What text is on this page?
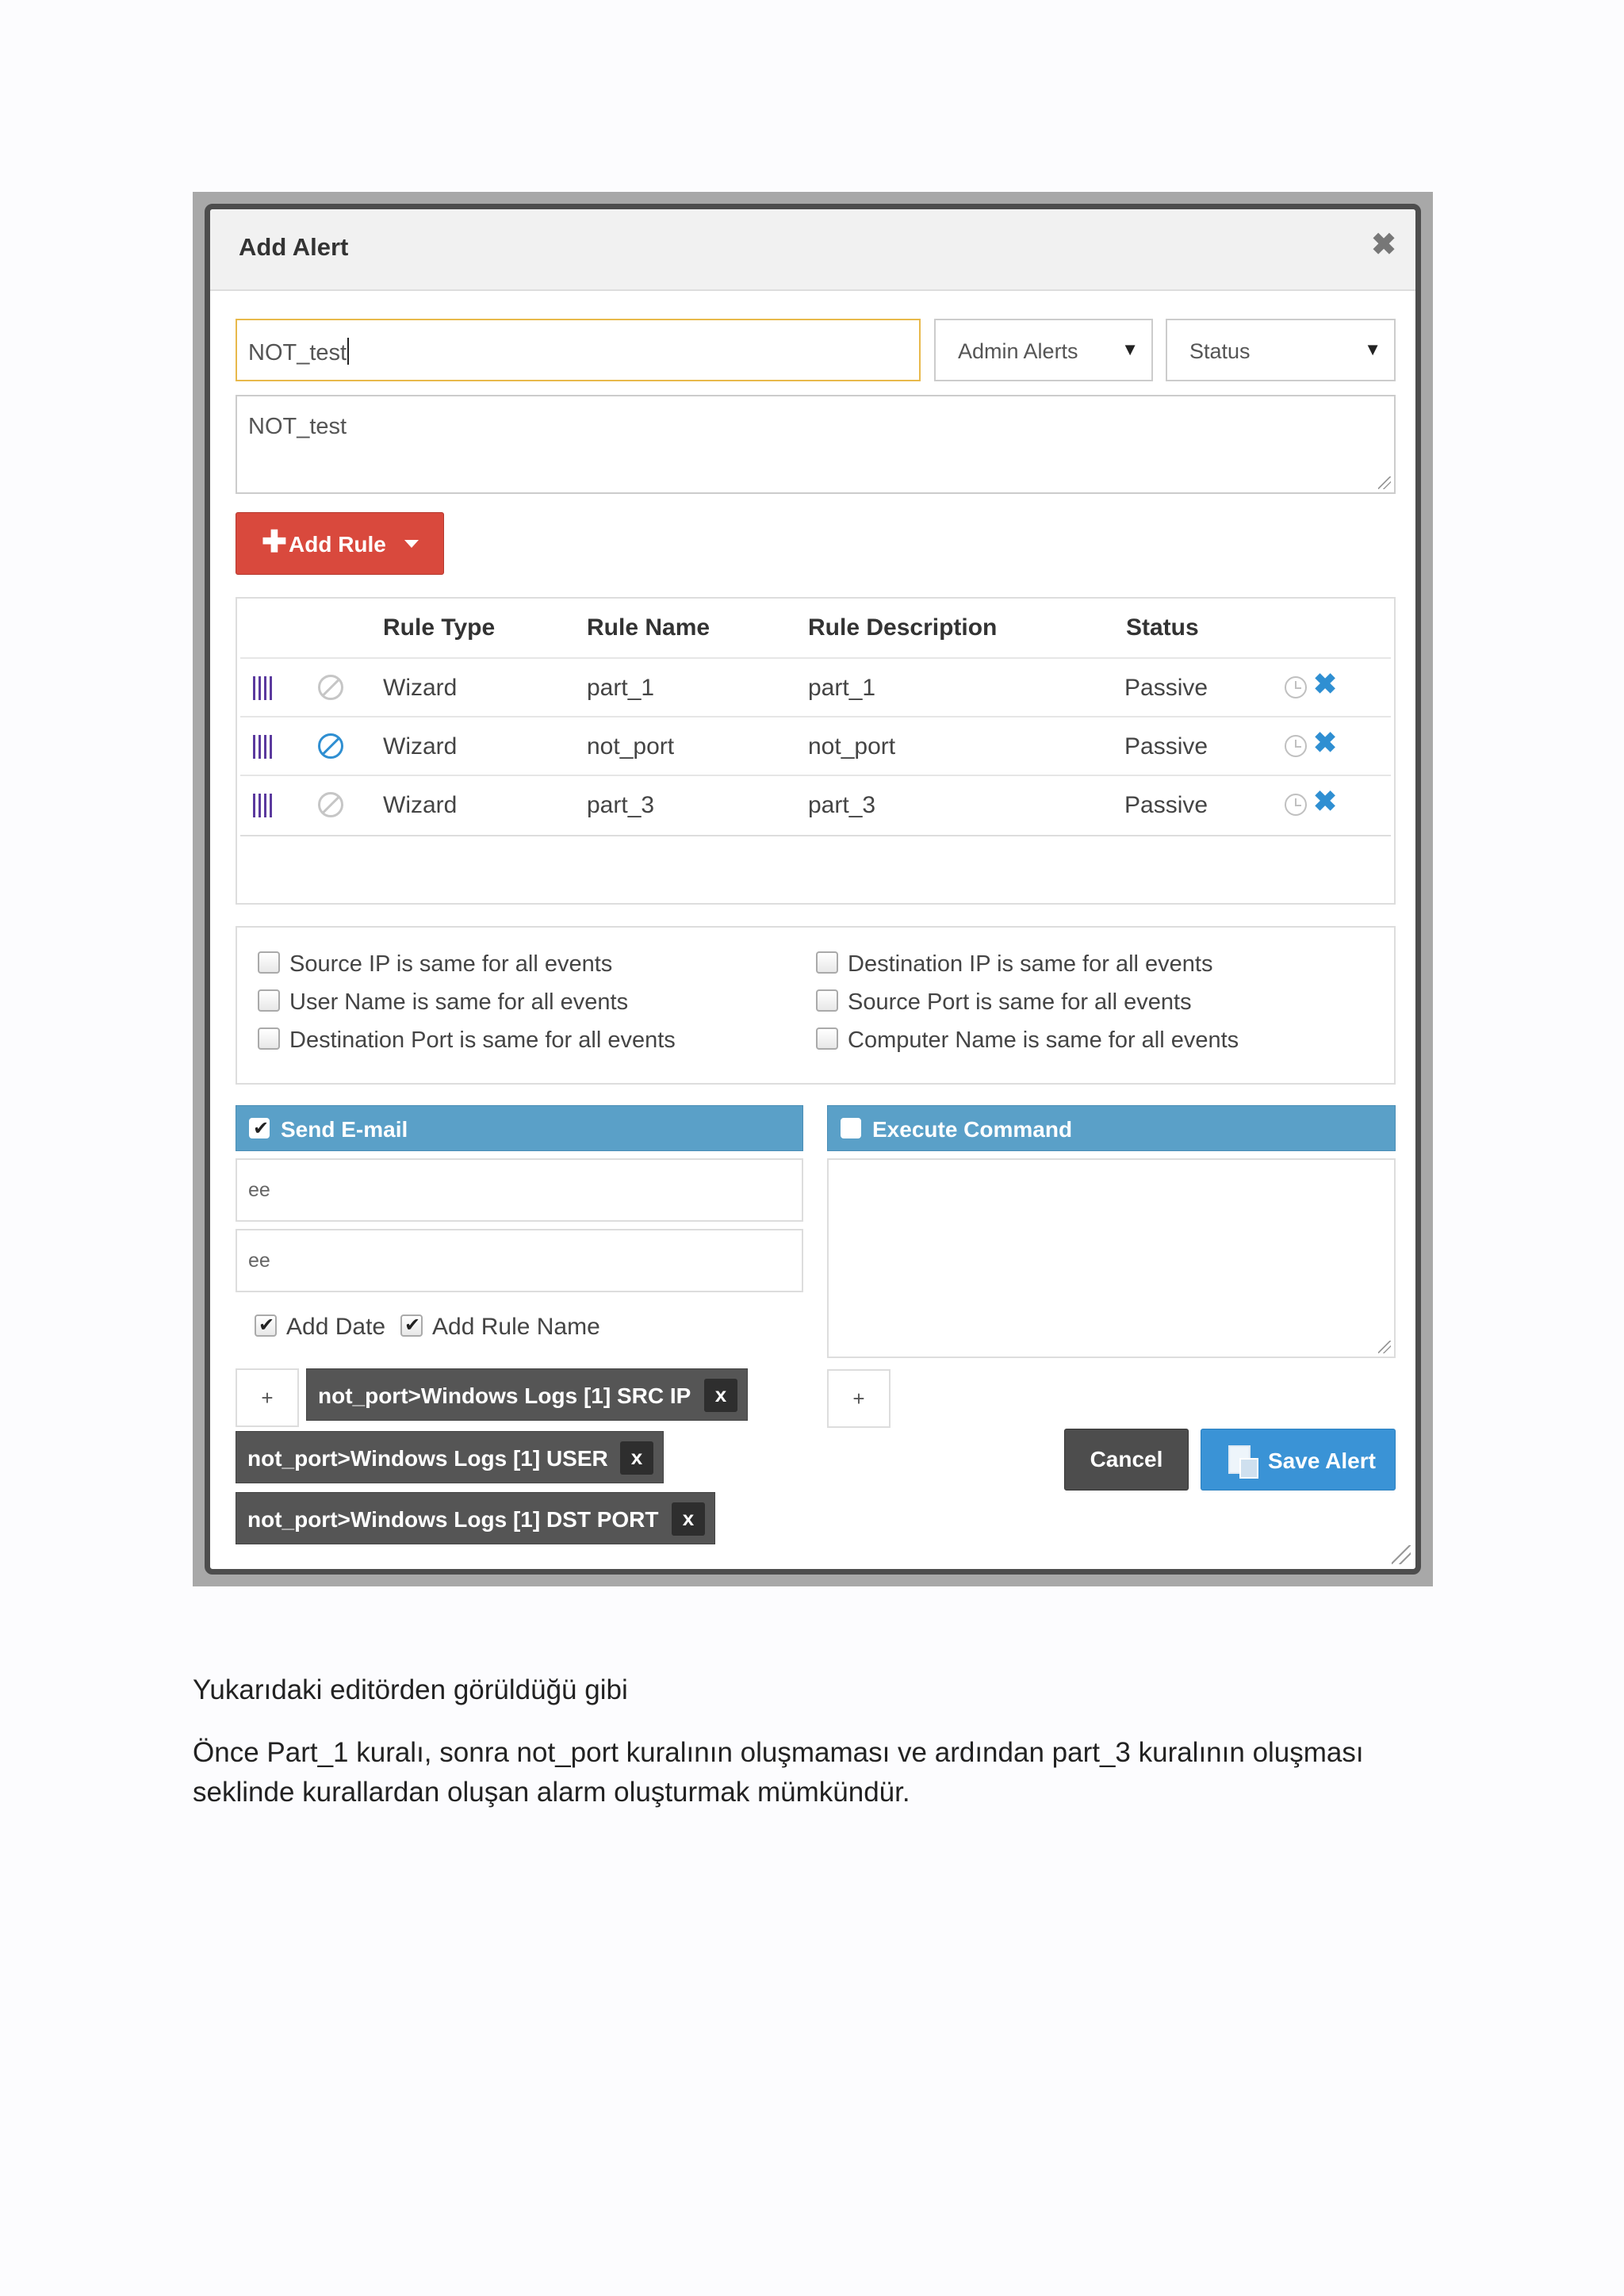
Add Alert	✖
NOT_test	Admin Alerts ▼ Status	▼
NOT_test
✚ Add Rule
Rule Type	Rule Name	Rule Description	Status
Wizard	part_1	part_1	Passive	✖
Wizard	not_port	not_port	Passive	✖
Wizard	part_3	part_3	Passive	✖
Source IP is same for all events
User Name is same for all events
Destination Port is same for all events
Destination IP is same for all events
Source Port is same for all events
Computer Name is same for all events
✔
Send E-mail
ee
ee
✔Add Date
✔	Add Rule Name
+	not_port>Windows Logs [1] SRC IP	x
not_port>Windows Logs [1] USER	x
not_port>Windows Logs [1] DST PORT	x
Execute Command
+
Cancel	Save Alert
Yukarıdaki editörden görüldüğü gibi
Önce Part_1 kuralı, sonra not_port kuralının oluşmaması ve ardından part_3 kuralının oluşması
seklinde kurallardan oluşan alarm oluşturmak mümkündür.
